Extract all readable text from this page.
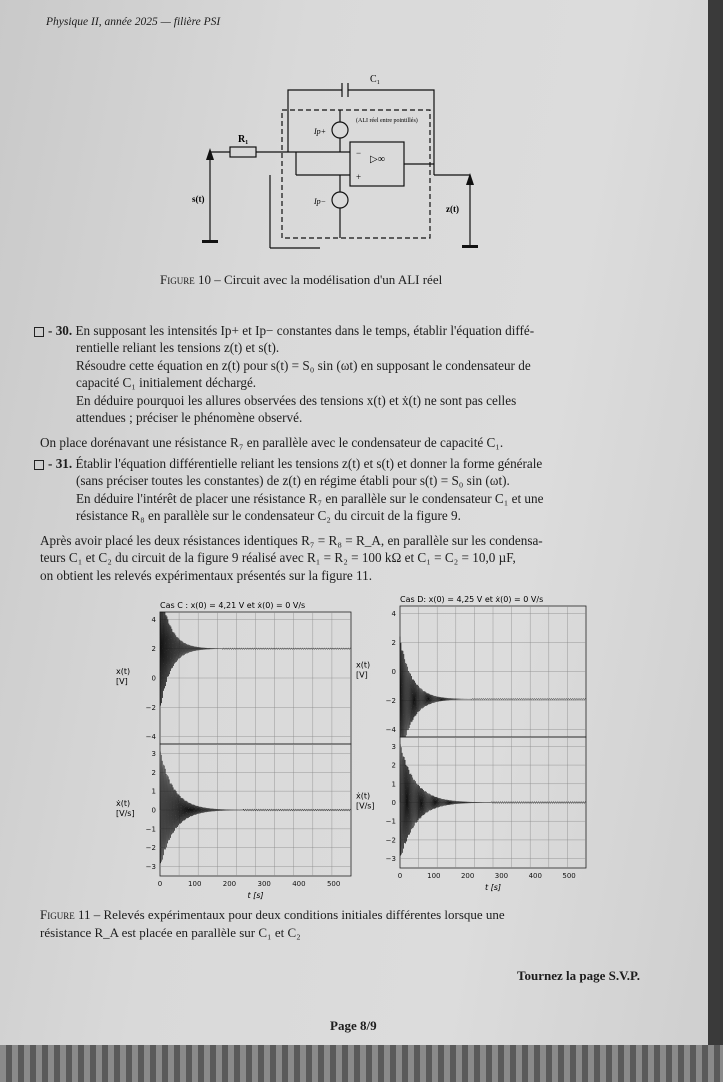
Physique II, année 2025 — filière PSI
C₁
R₁
(ALI réel entre pointillés)
Ip+
Ip−
s(t)
z(t)
+
−
▷∞
Figure 10 – Circuit avec la modélisation d'un ALI réel
- 30. En supposant les intensités Ip+ et Ip− constantes dans le temps, établir l'équation diffé-
rentielle reliant les tensions z(t) et s(t).
Résoudre cette équation en z(t) pour s(t) = S₀ sin (ωt) en supposant le condensateur de
capacité C₁ initialement déchargé.
En déduire pourquoi les allures observées des tensions x(t) et ẋ(t) ne sont pas celles
attendues ; préciser le phénomène observé.
On place dorénavant une résistance R₇ en parallèle avec le condensateur de capacité C₁.
- 31. Établir l'équation différentielle reliant les tensions z(t) et s(t) et donner la forme générale
(sans préciser toutes les constantes) de z(t) en régime établi pour s(t) = S₀ sin (ωt).
En déduire l'intérêt de placer une résistance R₇ en parallèle sur le condensateur C₁ et une
résistance R₈ en parallèle sur le condensateur C₂ du circuit de la figure 9.
Après avoir placé les deux résistances identiques R₇ = R₈ = R_A, en parallèle sur les condensa-
teurs C₁ et C₂ du circuit de la figure 9 réalisé avec R₁ = R₂ = 100 kΩ et C₁ = C₂ = 10,0 µF,
on obtient les relevés expérimentaux présentés sur la figure 11.
Cas C : x(0) = 4,21 V et ẋ(0) = 0 V/s
4
2
0
−2
−4
x(t)
[V]
3
2
1
0
−1
−2
−3
ẋ(t)
[V/s]
0	100	200	300	400	500
t [s]
Cas D: x(0) = 4,25 V et ẋ(0) = 0 V/s
4
2
0
−2
−4
x(t)
[V]
3
2
1
0
−1
−2
−3
ẋ(t)
[V/s]
0	100	200	300	400	500
t [s]
Figure 11 – Relevés expérimentaux pour deux conditions initiales différentes lorsque une
résistance R_A est placée en parallèle sur C₁ et C₂
Tournez la page S.V.P.
Page 8/9
